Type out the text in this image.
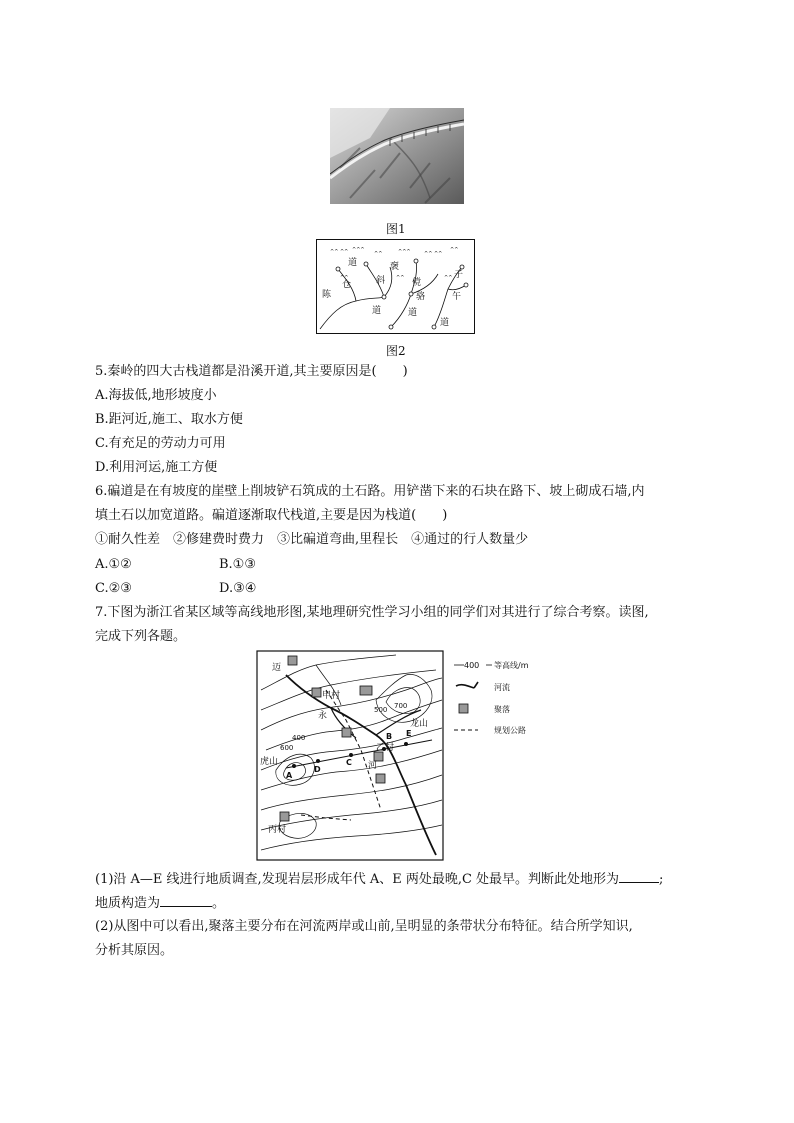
图1
^^ ^^ ^^^
^^	^^^	^^ ^^
^^
^^	^^	^^
陈
仓
道	褒
斜
道
傥
骆
道
子
午
道
图2
5.秦岭的四大古栈道都是沿溪开道,其主要原因是(　　)
A.海拔低,地形坡度小
B.距河近,施工、取水方便
C.有充足的劳动力可用
D.利用河运,施工方便
6.碥道是在有坡度的崖壁上削坡铲石筑成的土石路。用铲凿下来的石块在路下、坡上砌成石墙,内
填土石以加宽道路。碥道逐渐取代栈道,主要是因为栈道(　　)
①耐久性差　②修建费时费力　③比碥道弯曲,里程长　④通过的行人数量少
A.①②	B.①③
C.②③	D.③④
7.下图为浙江省某区域等高线地形图,某地理研究性学习小组的同学们对其进行了综合考察。读图,
完成下列各题。
迈
甲村
永
乙村
丙村
虎山
龙山
河
A
D
C
B E
400
500
600
700
400 等高线/m
河流
聚落
规划公路
(1)沿 A—E 线进行地质调查,发现岩层形成年代 A、E 两处最晚,C 处最早。判断此处地形为	;
地质构造为	。
(2)从图中可以看出,聚落主要分布在河流两岸或山前,呈明显的条带状分布特征。结合所学知识,
分析其原因。
